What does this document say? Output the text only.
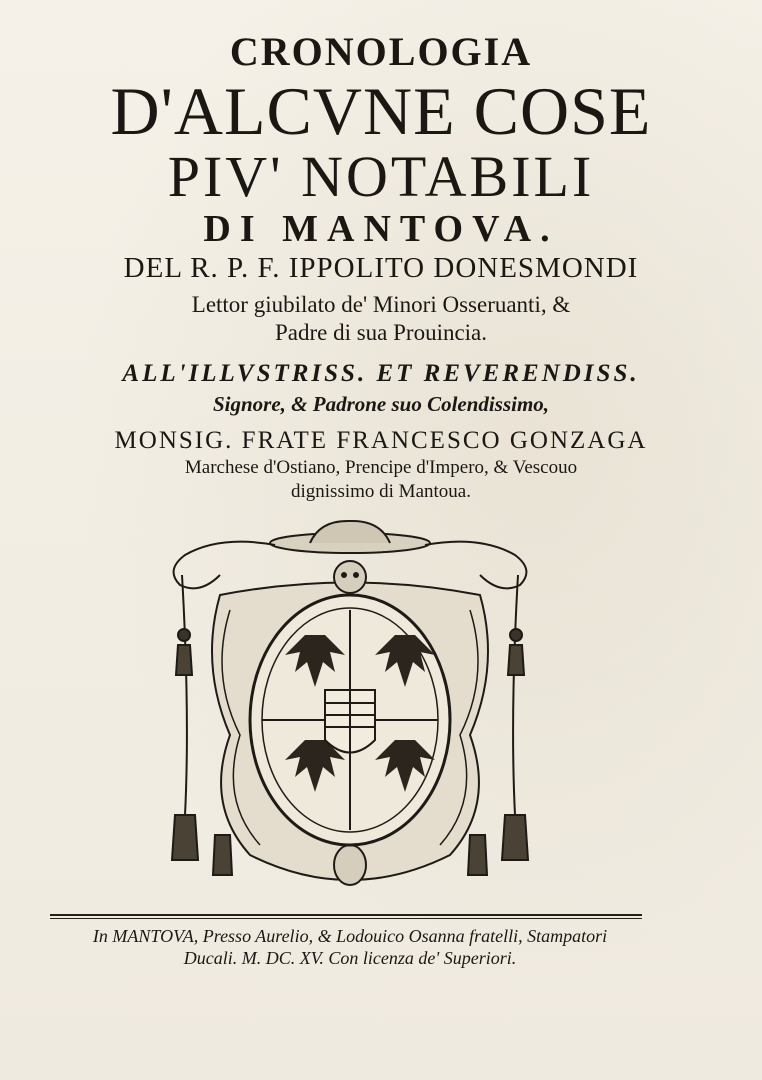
CRONOLOGIA
D'ALCVNE COSE
PIV' NOTABILI
DI MANTOVA.
DEL R. P. F. IPPOLITO DONESMONDI
Lettor giubilato de' Minori Osseruanti, &
Padre di sua Prouincia.
ALL'ILLVSTRISS. ET REVERENDISS.
Signore, & Padrone suo Colendissimo,
MONSIG. FRATE FRANCESCO GONZAGA
Marchese d'Ostiano, Prencipe d'Impero, & Vescouo
dignissimo di Mantoua.
In MANTOVA, Presso Aurelio, & Lodouico Osanna fratelli, Stampatori
Ducali. M. DC. XV. Con licenza de' Superiori.
